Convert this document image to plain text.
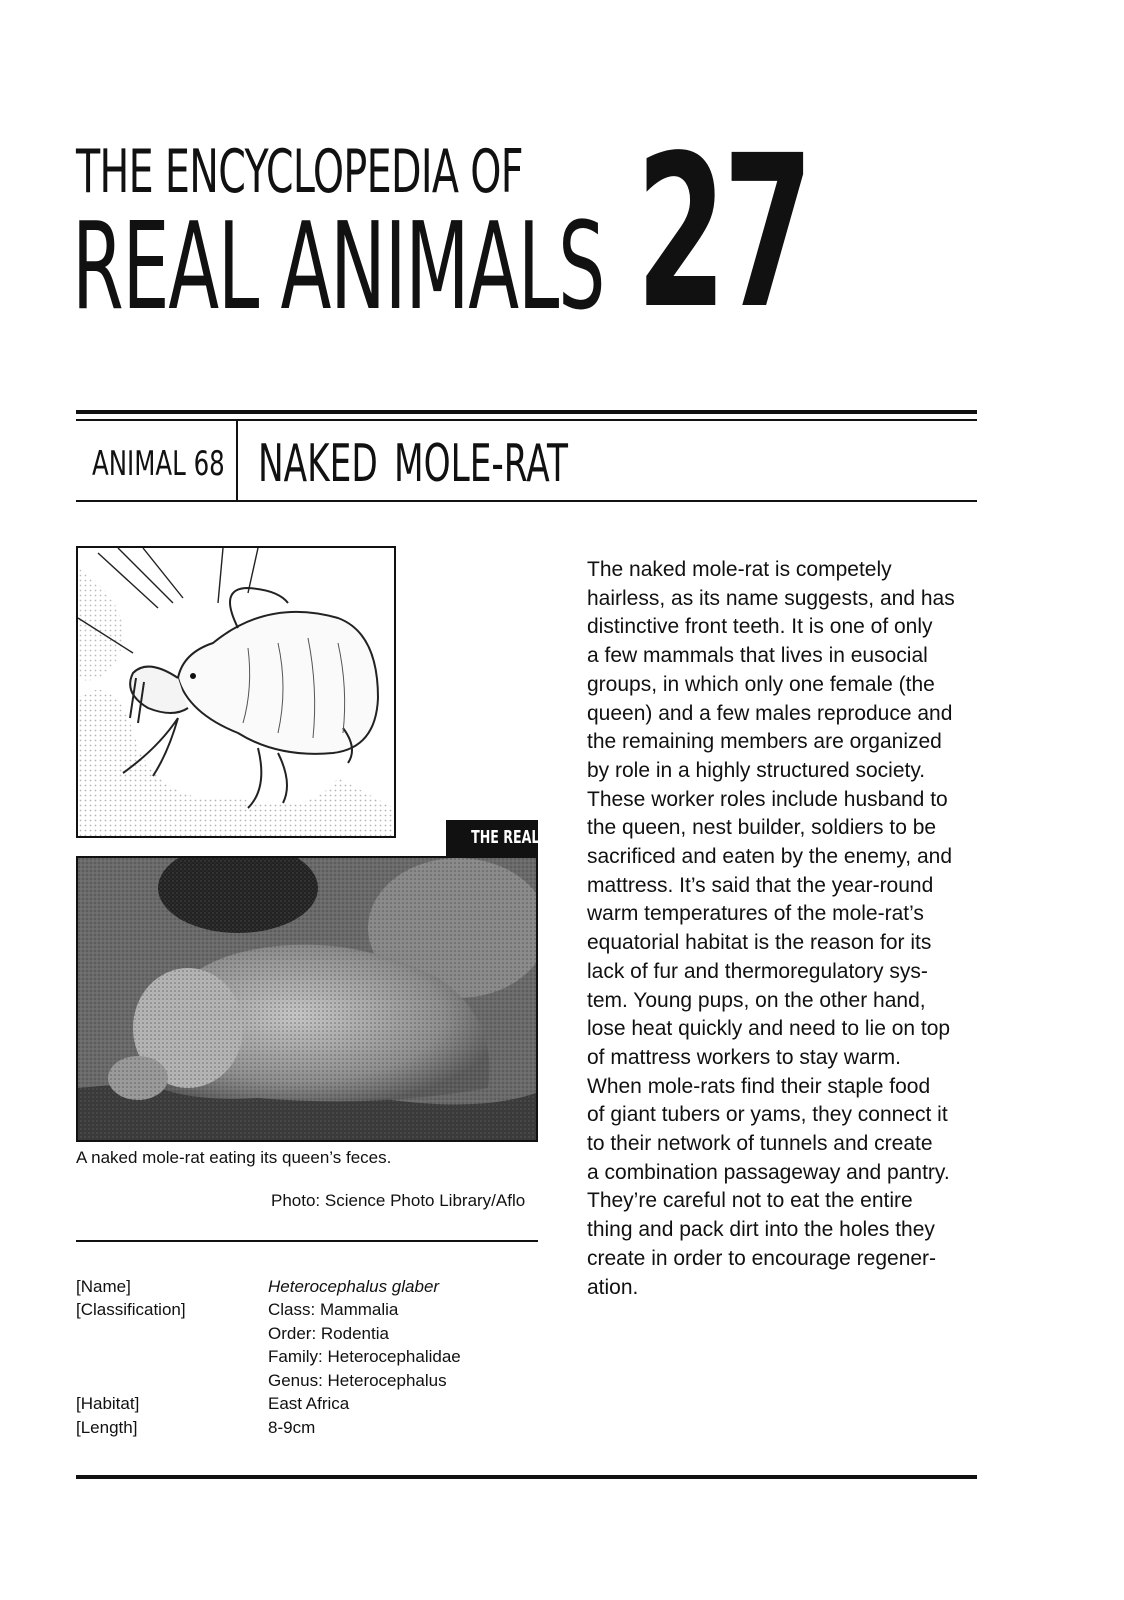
THE ENCYCLOPEDIA OF
REAL ANIMALS 27
ANIMAL 68 NAKED MOLE-RAT
THE REAL THING
A naked mole-rat eating its queen’s feces.
Photo: Science Photo Library/Aflo
[Name]	Heterocephalus glaber
[Classification]	Class: Mammalia
Order: Rodentia
Family: Heterocephalidae
Genus: Heterocephalus
[Habitat]	East Africa
[Length]	8-9cm
The naked mole-rat is competely
hairless, as its name suggests, and has
distinctive front teeth. It is one of only
a few mammals that lives in eusocial
groups, in which only one female (the
queen) and a few males reproduce and
the remaining members are organized
by role in a highly structured society.
These worker roles include husband to
the queen, nest builder, soldiers to be
sacrificed and eaten by the enemy, and
mattress. It’s said that the year-round
warm temperatures of the mole-rat’s
equatorial habitat is the reason for its
lack of fur and thermoregulatory sys-
tem. Young pups, on the other hand,
lose heat quickly and need to lie on top
of mattress workers to stay warm.
When mole-rats find their staple food
of giant tubers or yams, they connect it
to their network of tunnels and create
a combination passageway and pantry.
They’re careful not to eat the entire
thing and pack dirt into the holes they
create in order to encourage regener-
ation.
